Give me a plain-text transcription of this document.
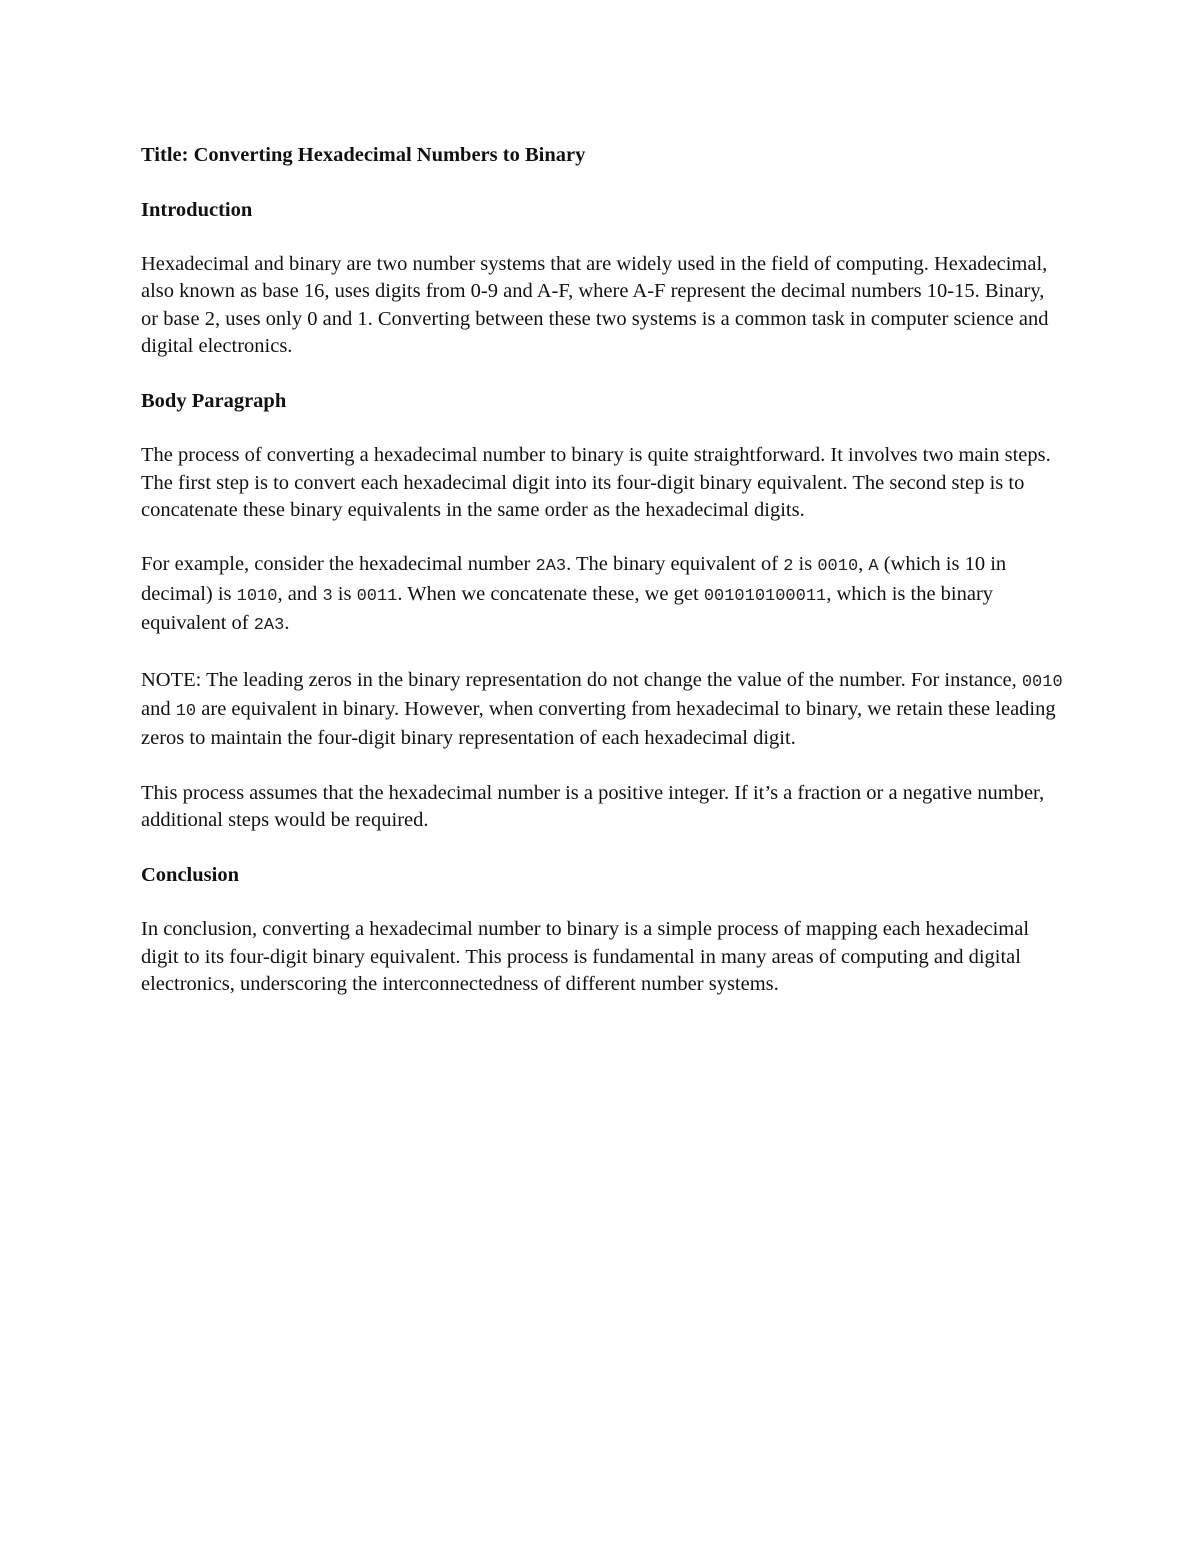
Title: Converting Hexadecimal Numbers to Binary

Introduction

Hexadecimal and binary are two number systems that are widely used in the field of computing. Hexadecimal, also known as base 16, uses digits from 0-9 and A-F, where A-F represent the decimal numbers 10-15. Binary, or base 2, uses only 0 and 1. Converting between these two systems is a common task in computer science and digital electronics.

Body Paragraph

The process of converting a hexadecimal number to binary is quite straightforward. It involves two main steps. The first step is to convert each hexadecimal digit into its four-digit binary equivalent. The second step is to concatenate these binary equivalents in the same order as the hexadecimal digits.

For example, consider the hexadecimal number 2A3. The binary equivalent of 2 is 0010, A (which is 10 in decimal) is 1010, and 3 is 0011. When we concatenate these, we get 001010100011, which is the binary equivalent of 2A3.

NOTE: The leading zeros in the binary representation do not change the value of the number. For instance, 0010 and 10 are equivalent in binary. However, when converting from hexadecimal to binary, we retain these leading zeros to maintain the four-digit binary representation of each hexadecimal digit.

This process assumes that the hexadecimal number is a positive integer. If it’s a fraction or a negative number, additional steps would be required.

Conclusion

In conclusion, converting a hexadecimal number to binary is a simple process of mapping each hexadecimal digit to its four-digit binary equivalent. This process is fundamental in many areas of computing and digital electronics, underscoring the interconnectedness of different number systems.
